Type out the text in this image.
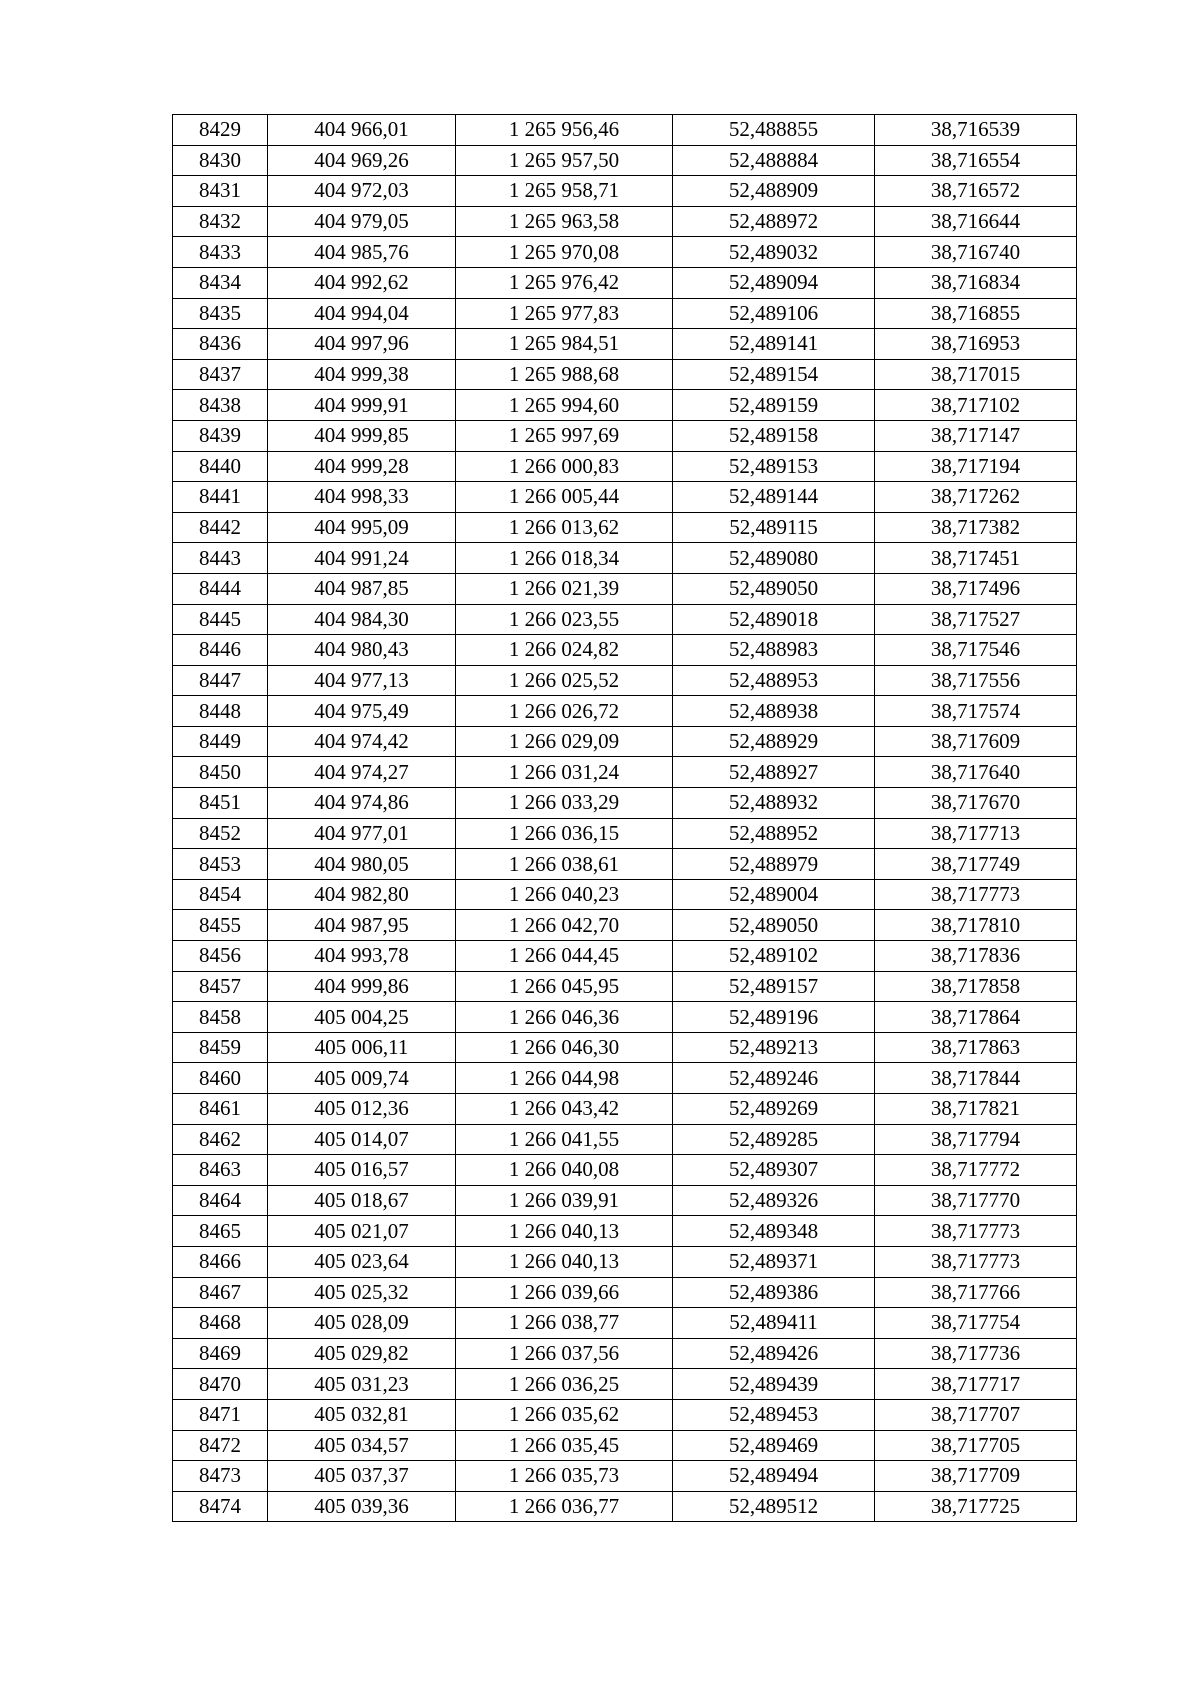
8429	404 966,01	1 265 956,46	52,488855	38,716539
8430	404 969,26	1 265 957,50	52,488884	38,716554
8431	404 972,03	1 265 958,71	52,488909	38,716572
8432	404 979,05	1 265 963,58	52,488972	38,716644
8433	404 985,76	1 265 970,08	52,489032	38,716740
8434	404 992,62	1 265 976,42	52,489094	38,716834
8435	404 994,04	1 265 977,83	52,489106	38,716855
8436	404 997,96	1 265 984,51	52,489141	38,716953
8437	404 999,38	1 265 988,68	52,489154	38,717015
8438	404 999,91	1 265 994,60	52,489159	38,717102
8439	404 999,85	1 265 997,69	52,489158	38,717147
8440	404 999,28	1 266 000,83	52,489153	38,717194
8441	404 998,33	1 266 005,44	52,489144	38,717262
8442	404 995,09	1 266 013,62	52,489115	38,717382
8443	404 991,24	1 266 018,34	52,489080	38,717451
8444	404 987,85	1 266 021,39	52,489050	38,717496
8445	404 984,30	1 266 023,55	52,489018	38,717527
8446	404 980,43	1 266 024,82	52,488983	38,717546
8447	404 977,13	1 266 025,52	52,488953	38,717556
8448	404 975,49	1 266 026,72	52,488938	38,717574
8449	404 974,42	1 266 029,09	52,488929	38,717609
8450	404 974,27	1 266 031,24	52,488927	38,717640
8451	404 974,86	1 266 033,29	52,488932	38,717670
8452	404 977,01	1 266 036,15	52,488952	38,717713
8453	404 980,05	1 266 038,61	52,488979	38,717749
8454	404 982,80	1 266 040,23	52,489004	38,717773
8455	404 987,95	1 266 042,70	52,489050	38,717810
8456	404 993,78	1 266 044,45	52,489102	38,717836
8457	404 999,86	1 266 045,95	52,489157	38,717858
8458	405 004,25	1 266 046,36	52,489196	38,717864
8459	405 006,11	1 266 046,30	52,489213	38,717863
8460	405 009,74	1 266 044,98	52,489246	38,717844
8461	405 012,36	1 266 043,42	52,489269	38,717821
8462	405 014,07	1 266 041,55	52,489285	38,717794
8463	405 016,57	1 266 040,08	52,489307	38,717772
8464	405 018,67	1 266 039,91	52,489326	38,717770
8465	405 021,07	1 266 040,13	52,489348	38,717773
8466	405 023,64	1 266 040,13	52,489371	38,717773
8467	405 025,32	1 266 039,66	52,489386	38,717766
8468	405 028,09	1 266 038,77	52,489411	38,717754
8469	405 029,82	1 266 037,56	52,489426	38,717736
8470	405 031,23	1 266 036,25	52,489439	38,717717
8471	405 032,81	1 266 035,62	52,489453	38,717707
8472	405 034,57	1 266 035,45	52,489469	38,717705
8473	405 037,37	1 266 035,73	52,489494	38,717709
8474	405 039,36	1 266 036,77	52,489512	38,717725
